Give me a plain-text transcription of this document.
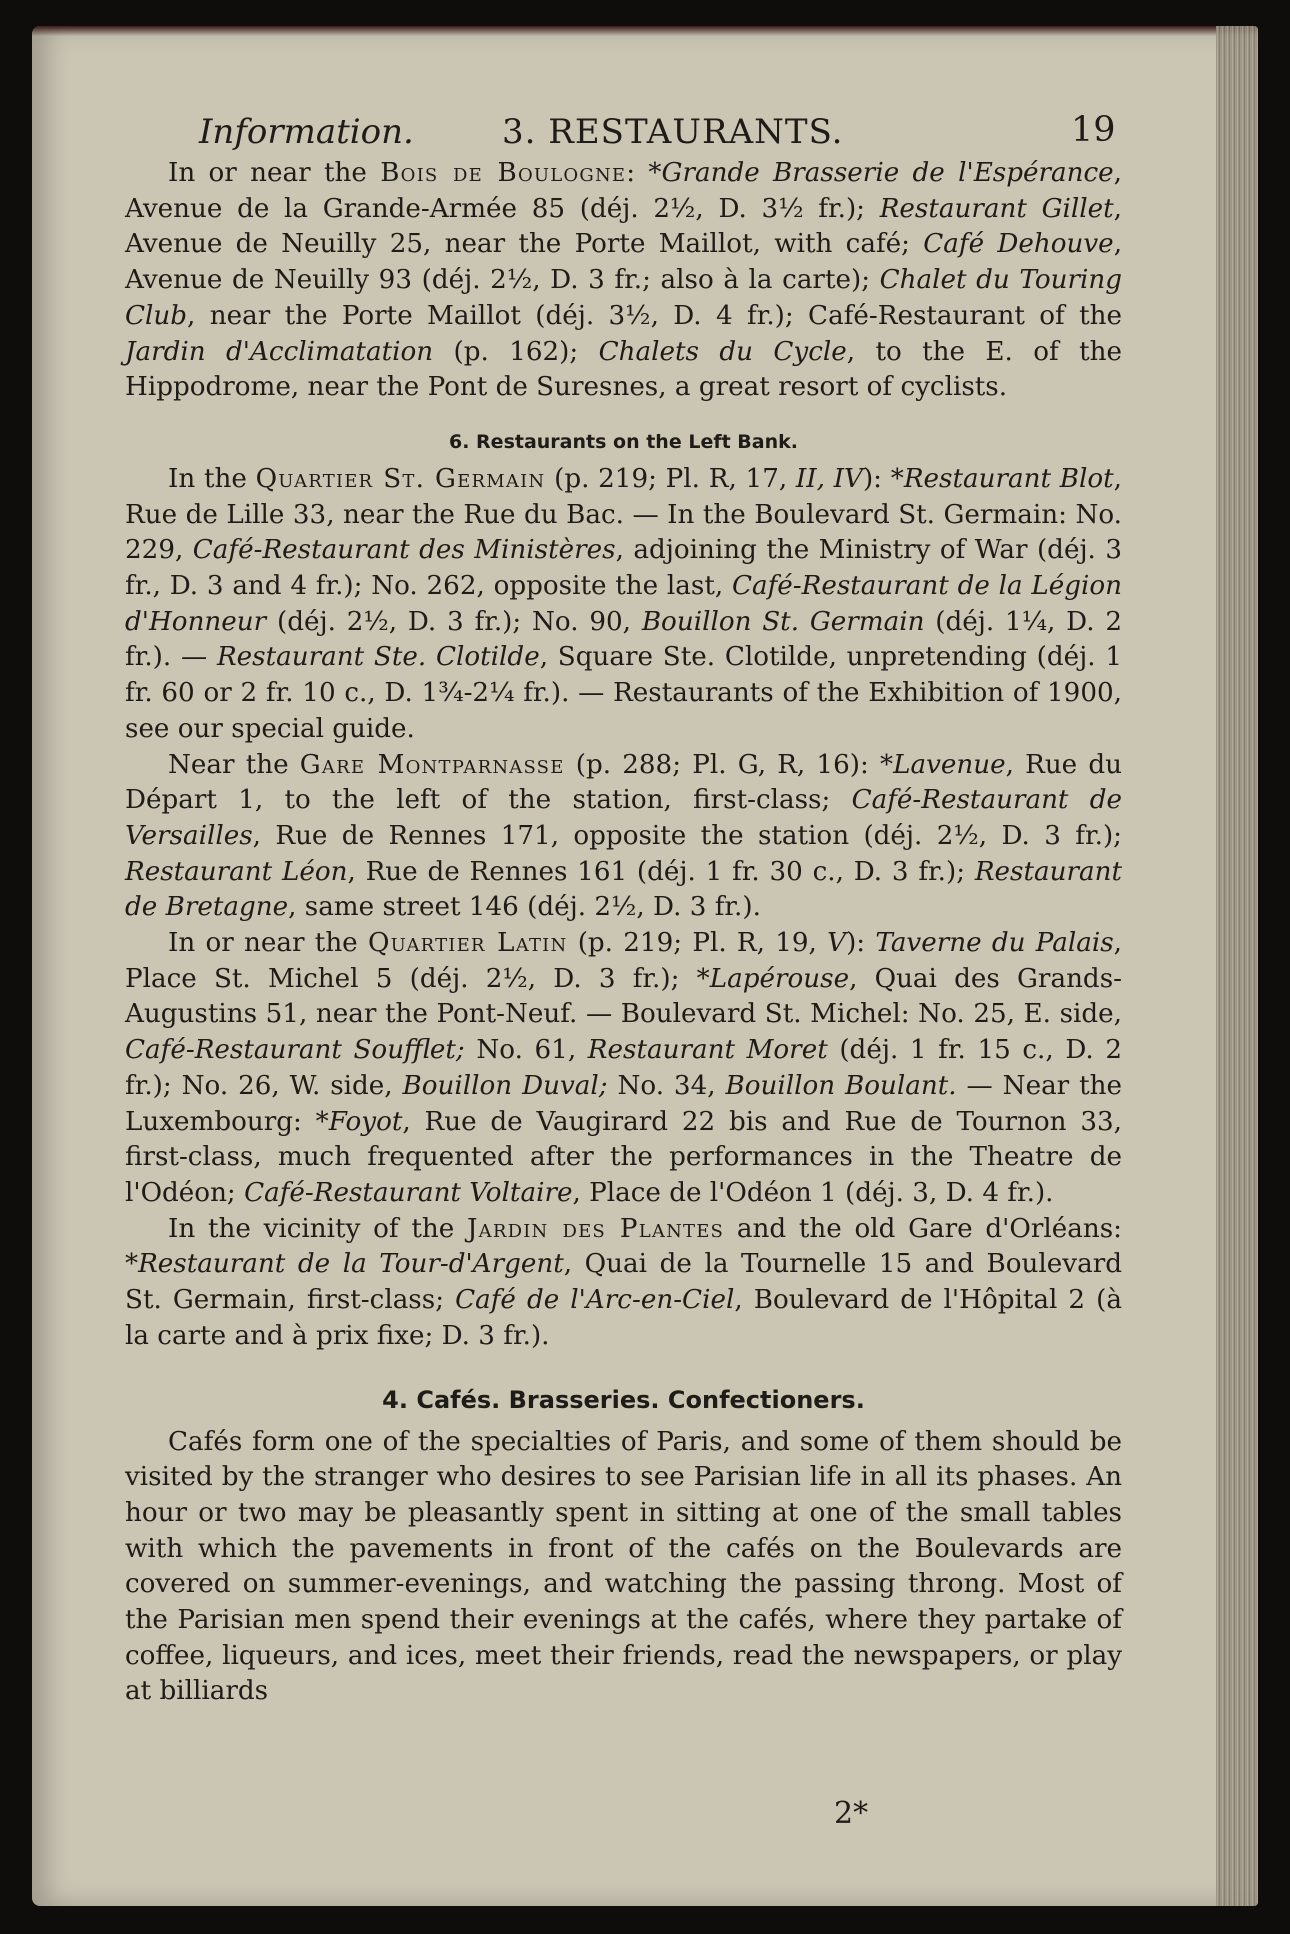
Information.	3. RESTAURANTS.	19

In or near the Bois de Boulogne: *Grande Brasserie de l'Espérance, Avenue de la Grande-Armée 85 (déj. 2½, D. 3½ fr.); Restaurant Gillet, Avenue de Neuilly 25, near the Porte Maillot, with café; Café Dehouve, Avenue de Neuilly 93 (déj. 2½, D. 3 fr.; also à la carte); Chalet du Touring Club, near the Porte Maillot (déj. 3½, D. 4 fr.); Café-Restaurant of the Jardin d'Acclimatation (p. 162); Chalets du Cycle, to the E. of the Hippodrome, near the Pont de Suresnes, a great resort of cyclists.

6. Restaurants on the Left Bank.

In the Quartier St. Germain (p. 219; Pl. R, 17, II, IV): *Restaurant Blot, Rue de Lille 33, near the Rue du Bac. — In the Boulevard St. Germain: No. 229, Café-Restaurant des Ministères, adjoining the Ministry of War (déj. 3 fr., D. 3 and 4 fr.); No. 262, opposite the last, Café-Restaurant de la Légion d'Honneur (déj. 2½, D. 3 fr.); No. 90, Bouillon St. Germain (déj. 1¼, D. 2 fr.). — Restaurant Ste. Clotilde, Square Ste. Clotilde, unpretending (déj. 1 fr. 60 or 2 fr. 10 c., D. 1¾-2¼ fr.). — Restaurants of the Exhibition of 1900, see our special guide.

Near the Gare Montparnasse (p. 288; Pl. G, R, 16): *Lavenue, Rue du Départ 1, to the left of the station, first-class; Café-Restaurant de Versailles, Rue de Rennes 171, opposite the station (déj. 2½, D. 3 fr.); Restaurant Léon, Rue de Rennes 161 (déj. 1 fr. 30 c., D. 3 fr.); Restaurant de Bretagne, same street 146 (déj. 2½, D. 3 fr.).

In or near the Quartier Latin (p. 219; Pl. R, 19, V): Taverne du Palais, Place St. Michel 5 (déj. 2½, D. 3 fr.); *Lapérouse, Quai des Grands-Augustins 51, near the Pont-Neuf. — Boulevard St. Michel: No. 25, E. side, Café-Restaurant Soufflet; No. 61, Restaurant Moret (déj. 1 fr. 15 c., D. 2 fr.); No. 26, W. side, Bouillon Duval; No. 34, Bouillon Boulant. — Near the Luxembourg: *Foyot, Rue de Vaugirard 22 bis and Rue de Tournon 33, first-class, much frequented after the performances in the Theatre de l'Odéon; Café-Restaurant Voltaire, Place de l'Odéon 1 (déj. 3, D. 4 fr.).

In the vicinity of the Jardin des Plantes and the old Gare d'Orléans: *Restaurant de la Tour-d'Argent, Quai de la Tournelle 15 and Boulevard St. Germain, first-class; Café de l'Arc-en-Ciel, Boulevard de l'Hôpital 2 (à la carte and à prix fixe; D. 3 fr.).

4. Cafés. Brasseries. Confectioners.

Cafés form one of the specialties of Paris, and some of them should be visited by the stranger who desires to see Parisian life in all its phases. An hour or two may be pleasantly spent in sitting at one of the small tables with which the pavements in front of the cafés on the Boulevards are covered on summer-evenings, and watching the passing throng. Most of the Parisian men spend their evenings at the cafés, where they partake of coffee, liqueurs, and ices, meet their friends, read the newspapers, or play at billiards

2*
